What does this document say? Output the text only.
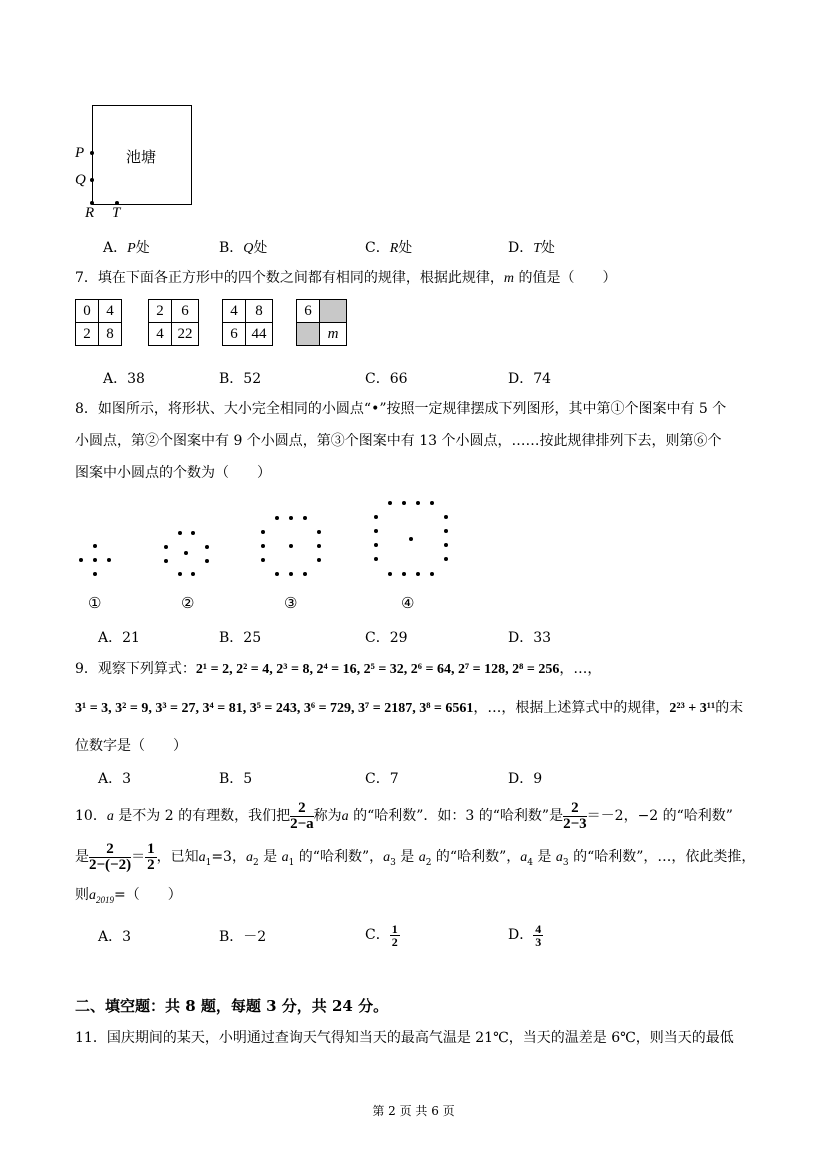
池塘
P
Q
R T
A．P处	B．Q处	C．R处	D．T处
7．填在下面各正方形中的四个数之间都有相同的规律，根据此规律，m 的值是（　　）
0	4
2	8
2	6
4	22
4	8
6	44
6	
	m
A．38	B．52	C．66	D．74
8．如图所示，将形状、大小完全相同的小圆点“•”按照一定规律摆成下列图形，其中第①个图案中有 5 个
小圆点，第②个图案中有 9 个小圆点，第③个图案中有 13 个小圆点，……按此规律排列下去，则第⑥个
图案中小圆点的个数为（　　）
①	②	③	④
A．21	B．25	C．29	D．33
9．观察下列算式：2¹ = 2, 2² = 4, 2³ = 8, 2⁴ = 16, 2⁵ = 32, 2⁶ = 64, 2⁷ = 128, 2⁸ = 256，…，
3¹ = 3, 3² = 9, 3³ = 27, 3⁴ = 81, 3⁵ = 243, 3⁶ = 729, 3⁷ = 2187, 3⁸ = 6561，…，根据上述算式中的规律，2²³ + 3¹¹的末
位数字是（　　）
A．3	B．5	C．7	D．9
10．a 是不为 2 的有理数，我们把 $\frac{2}{2-a}$ 称为a 的“哈利数”．如：3 的“哈利数”是 $\frac{2}{2-3} =-2$，−2 的“哈利数”
是 $\frac{2}{2-(-2)} = \frac{1}{2}$ ，已知$a_1=3$，$a_2$ 是 $a_1$ 的“哈利数”，$a_3$ 是 $a_2$ 的“哈利数”，$a_4$ 是 $a_3$ 的“哈利数”，…，依此类推，
则$a_{2019}=$（　　）
A．3	B．－2	C． $\frac{1}{2}$	D． $\frac{4}{3}$
二、填空题：共 8 题，每题 3 分，共 24 分。
11．国庆期间的某天，小明通过查询天气得知当天的最高气温是 21℃，当天的温差是 6℃，则当天的最低
第 2 页 共 6 页
